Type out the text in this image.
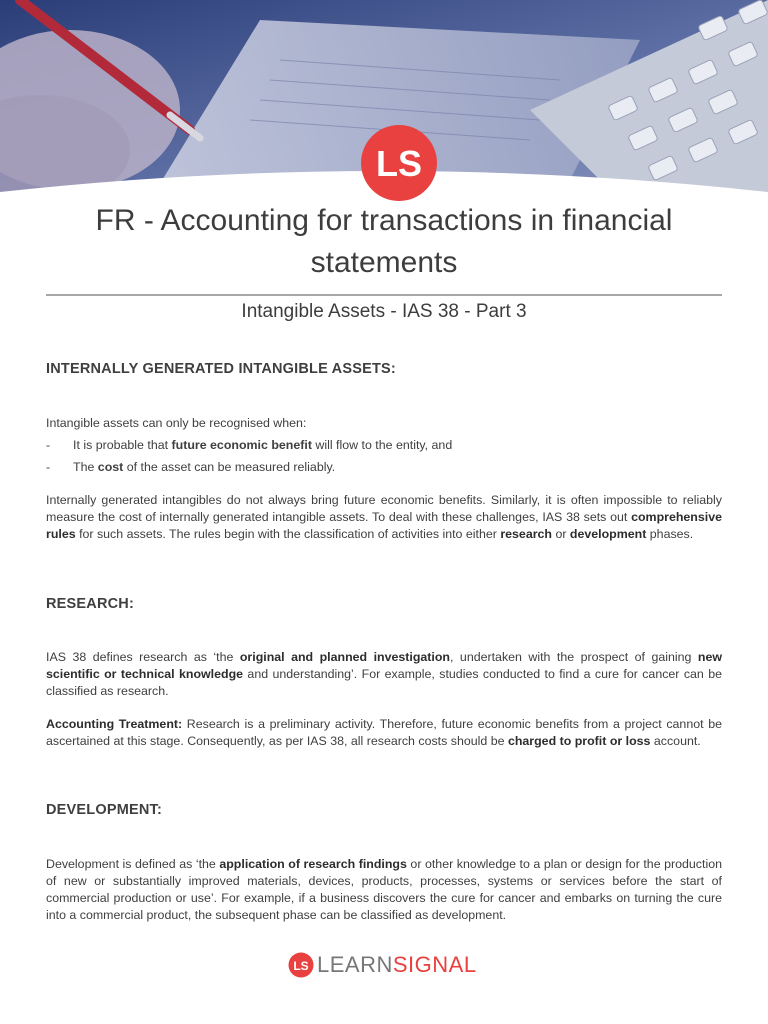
LS
FR - Accounting for transactions in financial statements
Intangible Assets - IAS 38 - Part 3
INTERNALLY GENERATED INTANGIBLE ASSETS:
Intangible assets can only be recognised when:
- It is probable that future economic benefit will flow to the entity, and
- The cost of the asset can be measured reliably.

Internally generated intangibles do not always bring future economic benefits. Similarly, it is often impossible to reliably measure the cost of internally generated intangible assets. To deal with these challenges, IAS 38 sets out comprehensive rules for such assets. The rules begin with the classification of activities into either research or development phases.

RESEARCH:

IAS 38 defines research as ‘the original and planned investigation, undertaken with the prospect of gaining new scientific or technical knowledge and understanding’. For example, studies conducted to find a cure for cancer can be classified as research.

Accounting Treatment: Research is a preliminary activity. Therefore, future economic benefits from a project cannot be ascertained at this stage. Consequently, as per IAS 38, all research costs should be charged to profit or loss account.

DEVELOPMENT:

Development is defined as ‘the application of research findings or other knowledge to a plan or design for the production of new or substantially improved materials, devices, products, processes, systems or services before the start of commercial production or use’. For example, if a business discovers the cure for cancer and embarks on turning the cure into a commercial product, the subsequent phase can be classified as development.

LS LEARNSIGNAL
